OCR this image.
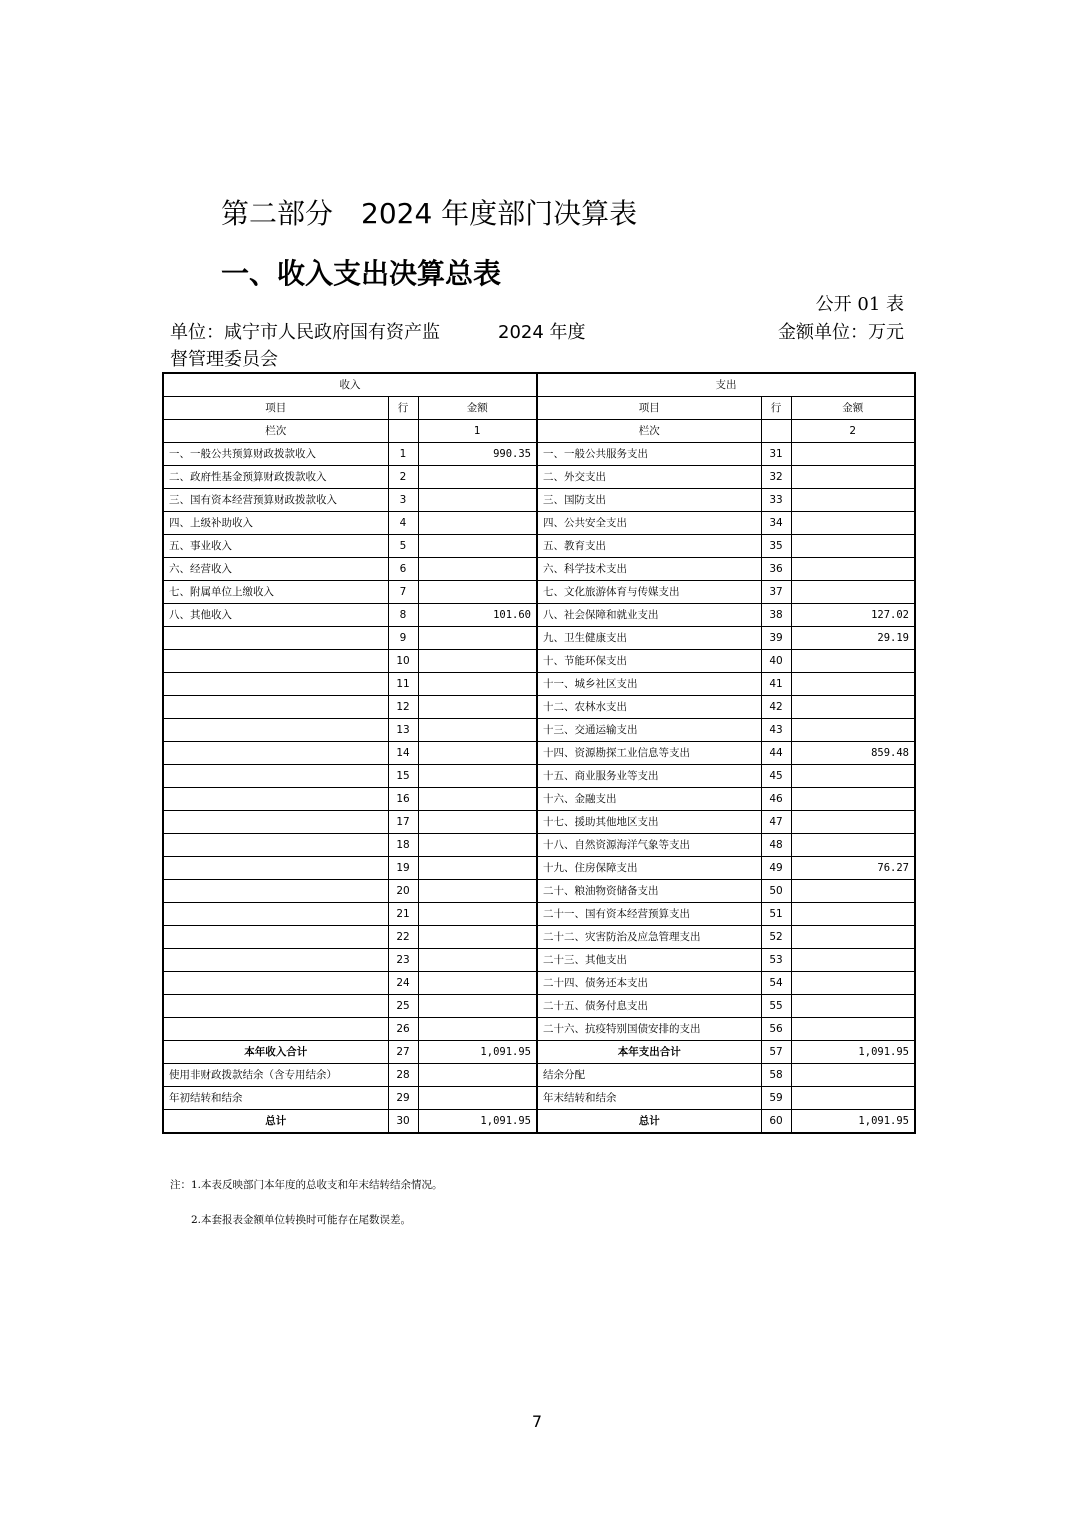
第二部分　2024 年度部门决算表
一、收入支出决算总表
公开 01 表
单位：咸宁市人民政府国有资产监
督管理委员会
2024 年度	金额单位：万元
收入			支出		
项目	行	金额	项目	行	金额
栏次		1	栏次		2
一、一般公共预算财政拨款收入	1	990.35	一、一般公共服务支出	31	
二、政府性基金预算财政拨款收入	2		二、外交支出	32	
三、国有资本经营预算财政拨款收入	3		三、国防支出	33	
四、上级补助收入	4		四、公共安全支出	34	
五、事业收入	5		五、教育支出	35	
六、经营收入	6		六、科学技术支出	36	
七、附属单位上缴收入	7		七、文化旅游体育与传媒支出	37	
八、其他收入	8	101.60	八、社会保障和就业支出	38	127.02
	9		九、卫生健康支出	39	29.19
	10		十、节能环保支出	40	
	11		十一、城乡社区支出	41	
	12		十二、农林水支出	42	
	13		十三、交通运输支出	43	
	14		十四、资源勘探工业信息等支出	44	859.48
	15		十五、商业服务业等支出	45	
	16		十六、金融支出	46	
	17		十七、援助其他地区支出	47	
	18		十八、自然资源海洋气象等支出	48	
	19		十九、住房保障支出	49	76.27
	20		二十、粮油物资储备支出	50	
	21		二十一、国有资本经营预算支出	51	
	22		二十二、灾害防治及应急管理支出	52	
	23		二十三、其他支出	53	
	24		二十四、债务还本支出	54	
	25		二十五、债务付息支出	55	
	26		二十六、抗疫特别国债安排的支出	56	
本年收入合计	27	1,091.95	本年支出合计	57	1,091.95
使用非财政拨款结余（含专用结余）	28		结余分配	58	
年初结转和结余	29		年末结转和结余	59	
总计	30	1,091.95	总计	60	1,091.95
注：1.本表反映部门本年度的总收支和年末结转结余情况。
2.本套报表金额单位转换时可能存在尾数误差。
7
